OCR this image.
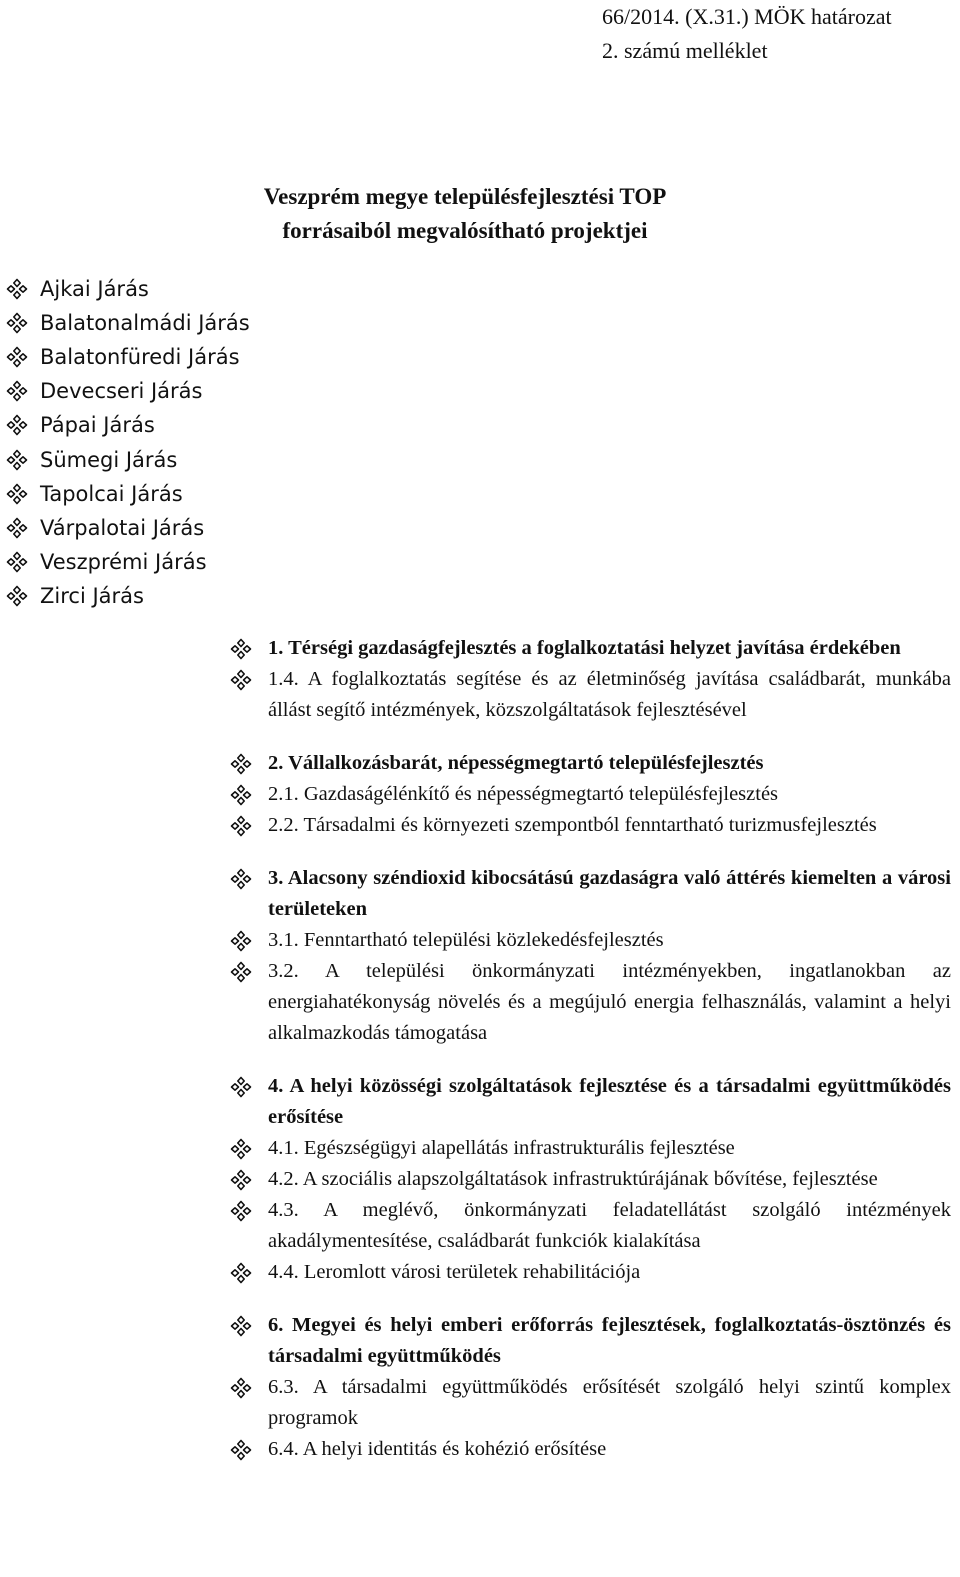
66/2014. (X.31.) MÖK határozat
2. számú melléklet
Veszprém megye településfejlesztési TOP
forrásaiból megvalósítható projektjei
Ajkai Járás
Balatonalmádi Járás
Balatonfüredi Járás
Devecseri Járás
Pápai Járás
Sümegi Járás
Tapolcai Járás
Várpalotai Járás
Veszprémi Járás
Zirci Járás
1. Térségi gazdaságfejlesztés a foglalkoztatási helyzet javítása érdekében
1.4. A foglalkoztatás segítése és az életminőség javítása családbarát, munkába állást segítő intézmények, közszolgáltatások fejlesztésével
2. Vállalkozásbarát, népességmegtartó településfejlesztés
2.1. Gazdaságélénkítő és népességmegtartó településfejlesztés
2.2. Társadalmi és környezeti szempontból fenntartható turizmusfejlesztés
3. Alacsony széndioxid kibocsátású gazdaságra való áttérés kiemelten a városi területeken
3.1. Fenntartható települési közlekedésfejlesztés
3.2. A települési önkormányzati intézményekben, ingatlanokban az energiahatékonyság növelés és a megújuló energia felhasználás, valamint a helyi alkalmazkodás támogatása
4. A helyi közösségi szolgáltatások fejlesztése és a társadalmi együttműködés erősítése
4.1. Egészségügyi alapellátás infrastrukturális fejlesztése
4.2. A szociális alapszolgáltatások infrastruktúrájának bővítése, fejlesztése
4.3. A meglévő, önkormányzati feladatellátást szolgáló intézmények akadálymentesítése, családbarát funkciók kialakítása
4.4. Leromlott városi területek rehabilitációja
6. Megyei és helyi emberi erőforrás fejlesztések, foglalkoztatás-ösztönzés és társadalmi együttműködés
6.3. A társadalmi együttműködés erősítését szolgáló helyi szintű komplex programok
6.4. A helyi identitás és kohézió erősítése
